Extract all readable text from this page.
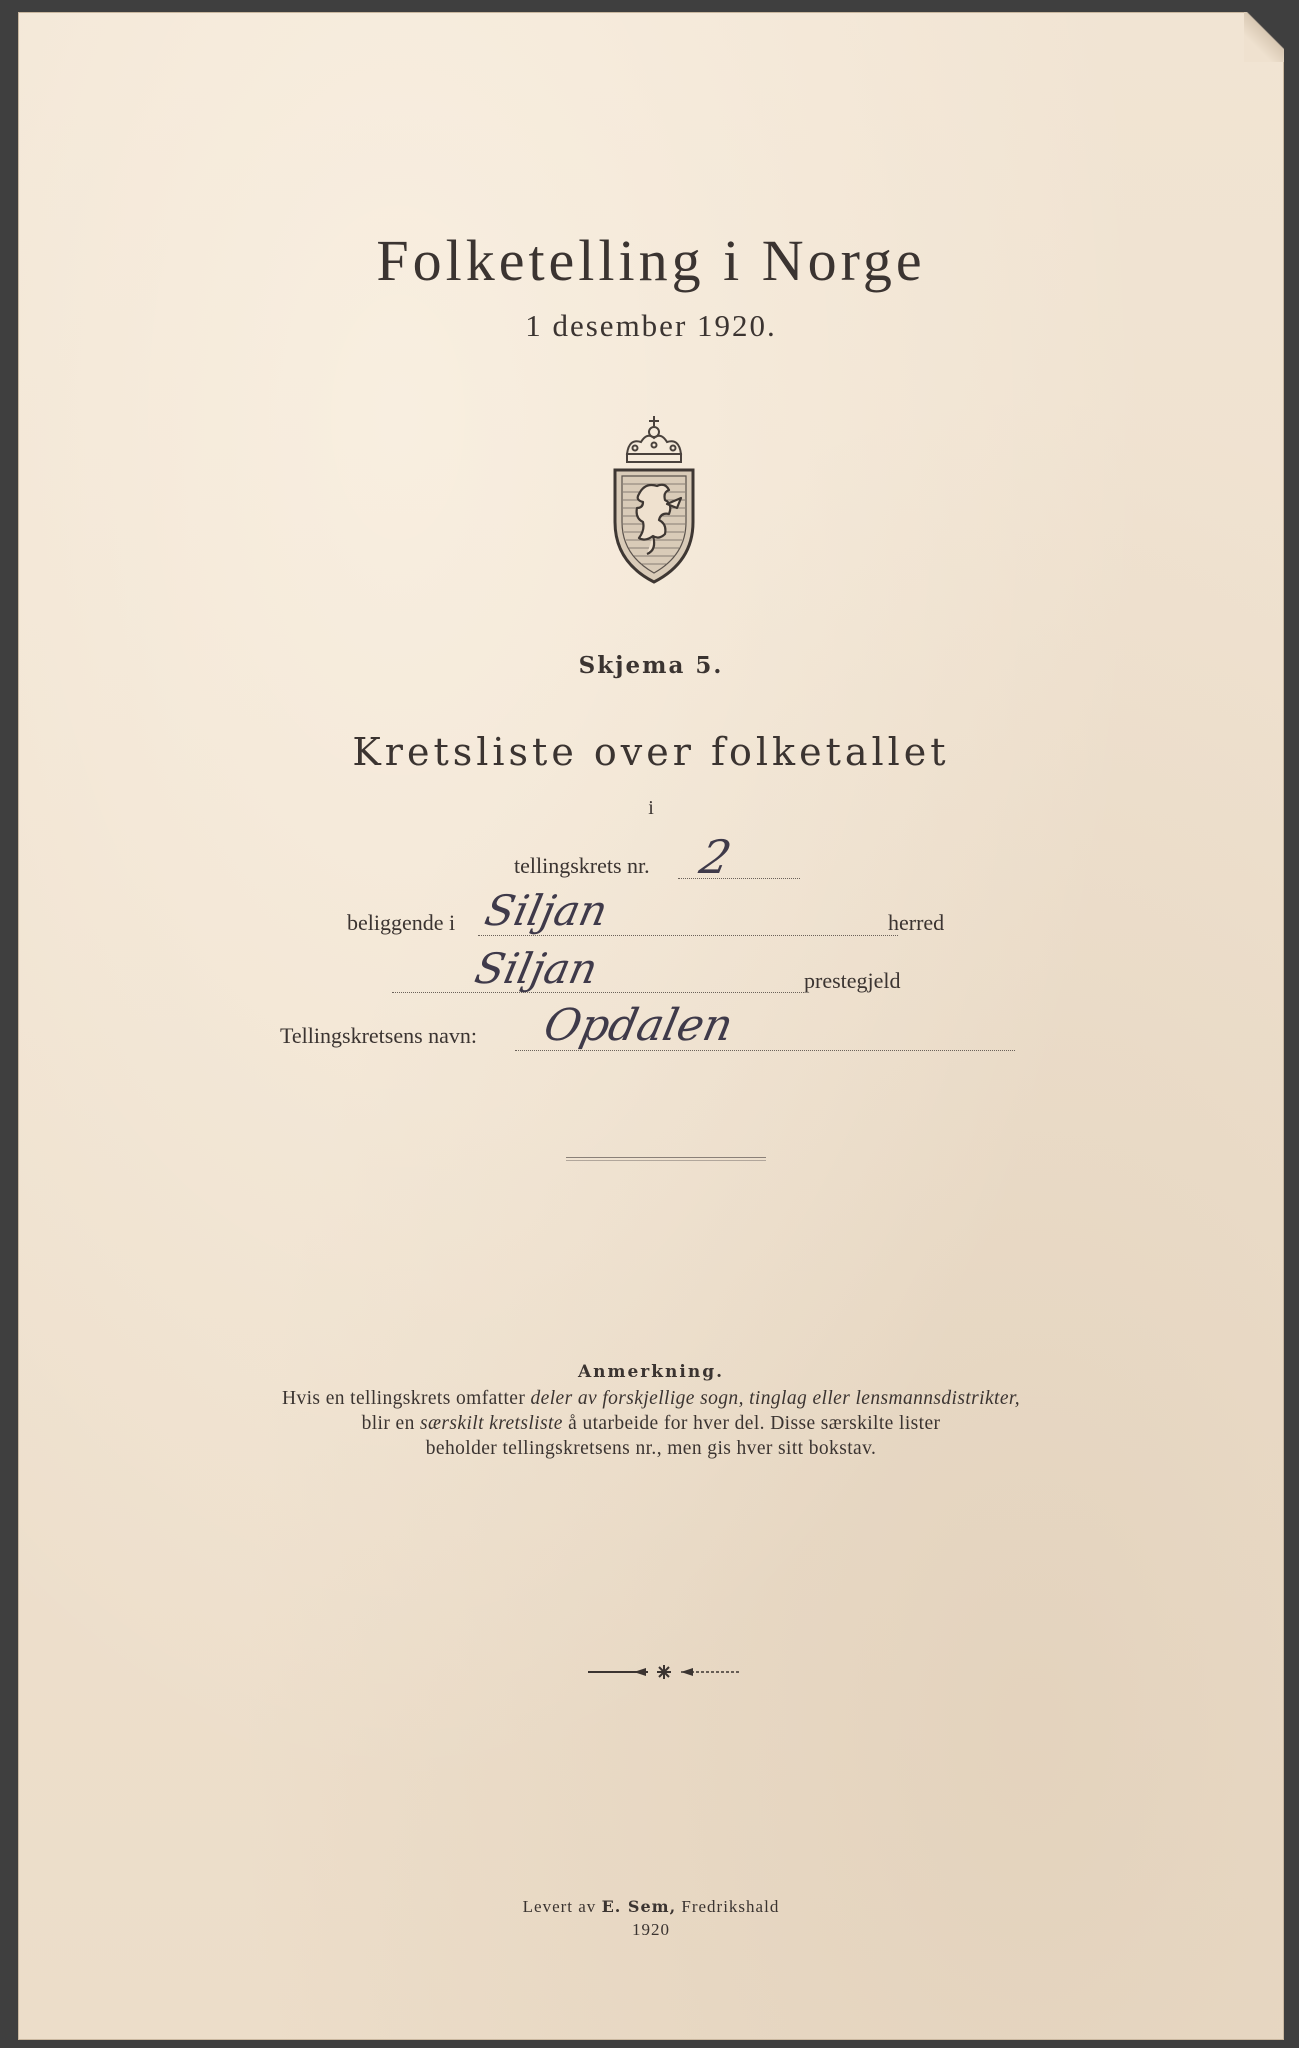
Folketelling i Norge
1 desember 1920.
Skjema 5.
Kretsliste over folketallet
i
tellingskrets nr. 2
beliggende i Siljan	herred
Siljan	prestegjeld
Tellingskretsens navn: Opdalen
Anmerkning.
Hvis en tellingskrets omfatter deler av forskjellige sogn, tinglag eller lensmannsdistrikter,
blir en særskilt kretsliste å utarbeide for hver del. Disse særskilte lister
beholder tellingskretsens nr., men gis hver sitt bokstav.
Levert av E. Sem, Fredrikshald
1920
